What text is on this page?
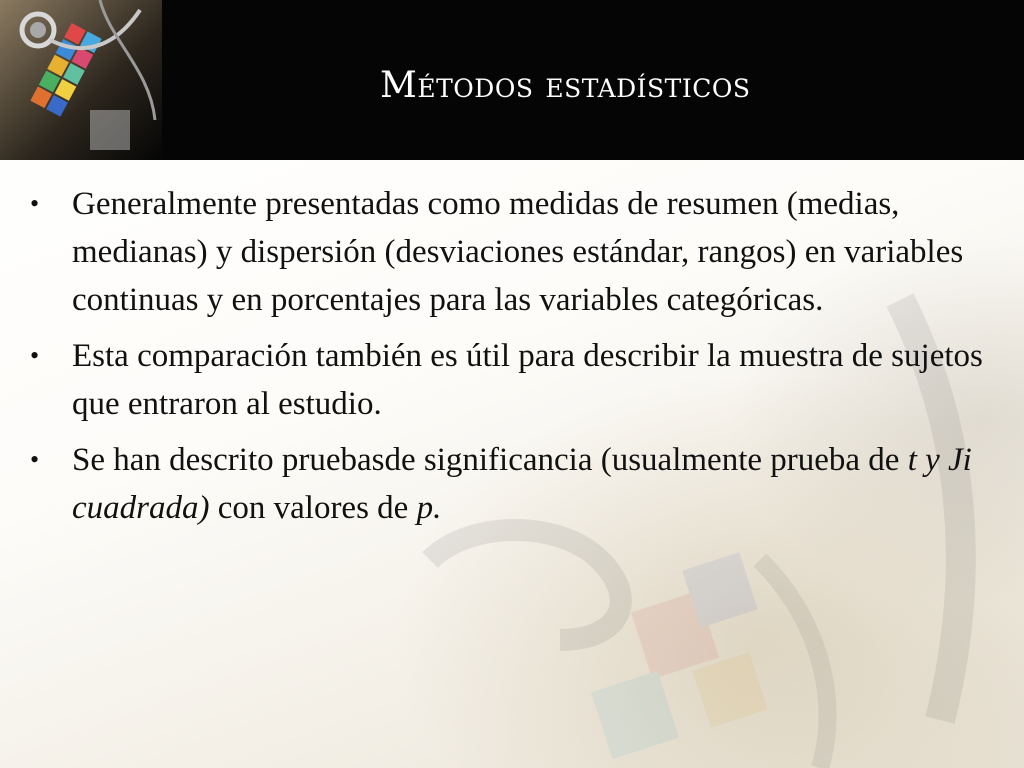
Métodos estadísticos
• Generalmente presentadas como medidas de resumen (medias, medianas) y dispersión (desviaciones estándar, rangos) en variables continuas y en porcentajes para las variables categóricas.
• Esta comparación también es útil para describir la muestra de sujetos que entraron al estudio.
• Se han descrito pruebasde significancia (usualmente prueba de t y Ji cuadrada) con valores de p.
